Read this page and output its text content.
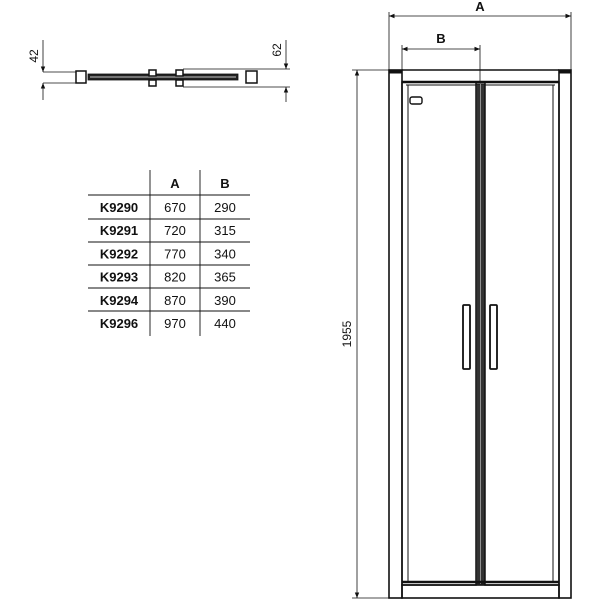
42	62
A	B
K9290 670 290
K9291 720 315
K9292 770 340
K9293 820 365
K9294 870 390
K9296 970 440
A
B
1955
